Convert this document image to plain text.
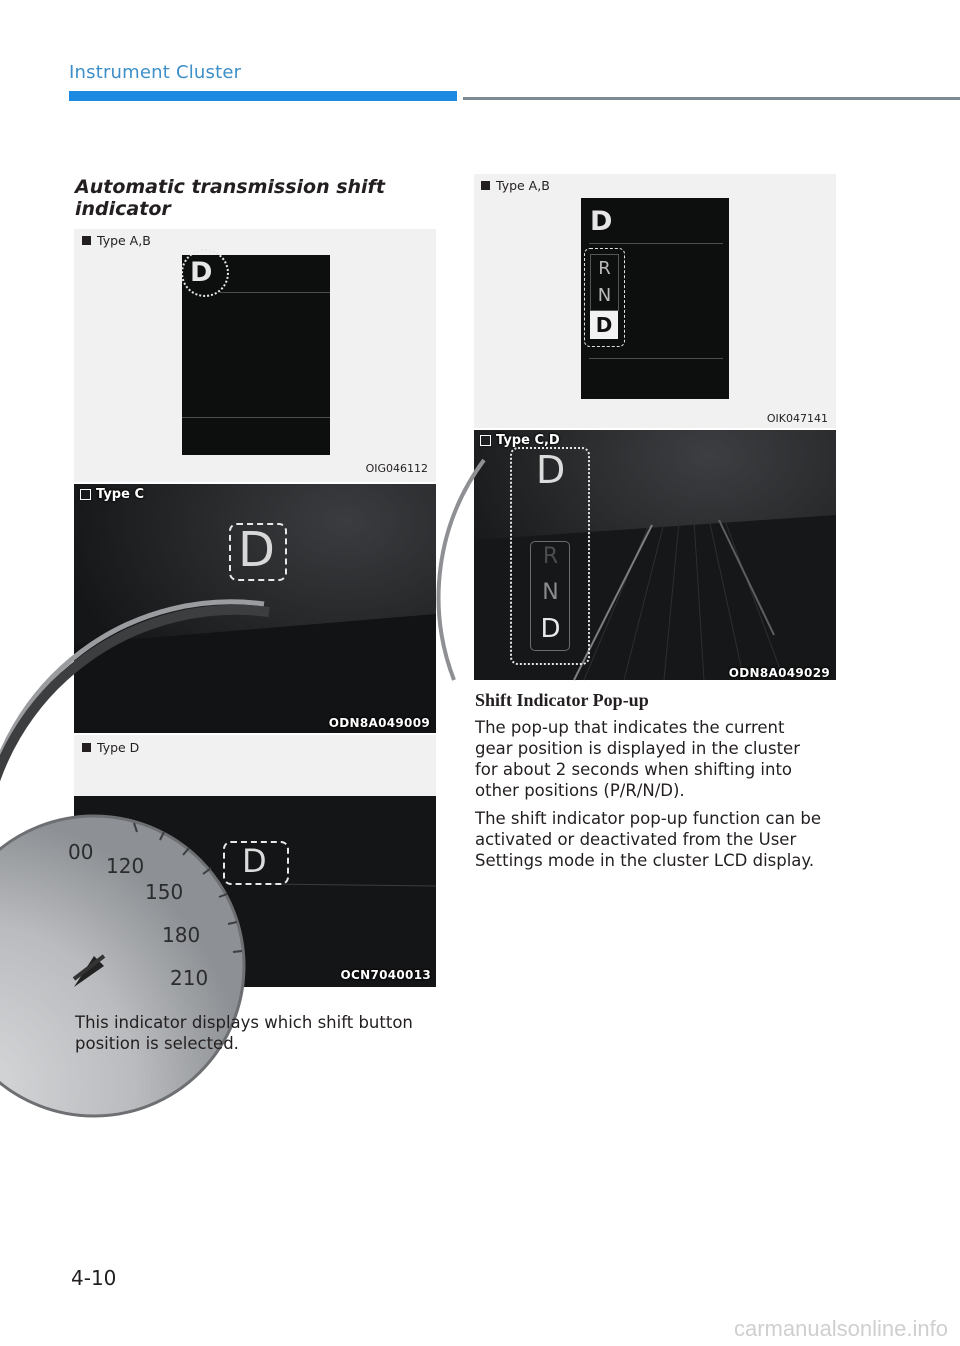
Instrument Cluster
Automatic transmission shift indicator
Type A,B
D
OIG046112
Type C
D
ODN8A049009
Type D
00
120
150
180
210
D
OCN7040013
This indicator displays which shift button position is selected.
Type A,B
D
R
N
D
OIK047141
Type C,D
D
R
N
D
ODN8A049029
Shift Indicator Pop-up
The pop-up that indicates the current gear position is displayed in the cluster for about 2 seconds when shifting into other positions (P/R/N/D).
The shift indicator pop-up function can be activated or deactivated from the User Settings mode in the cluster LCD display.
4-10
carmanualsonline.info
